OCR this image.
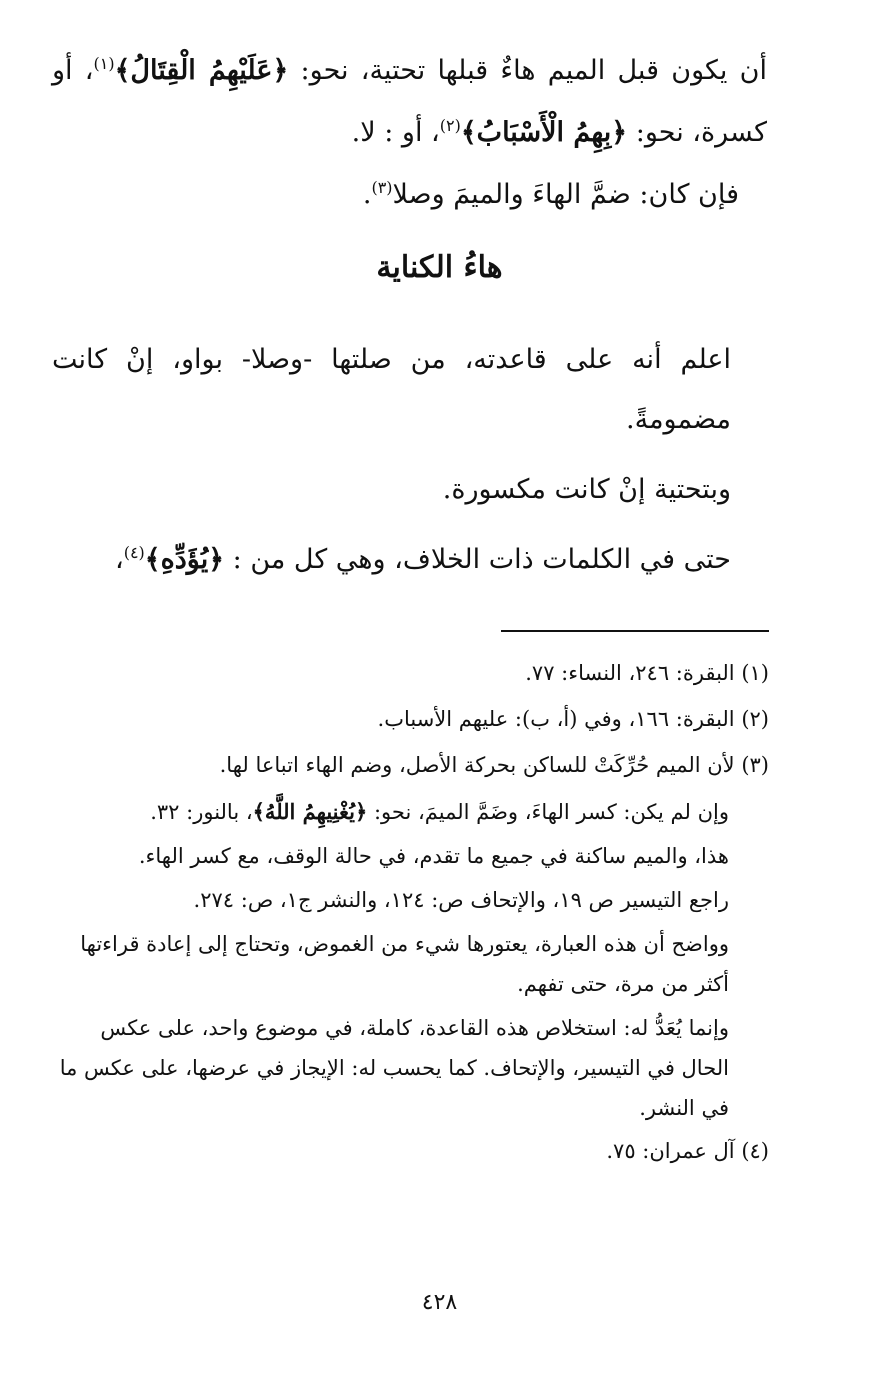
أن يكون قبل الميم هاءٌ قبلها تحتية، نحو: ﴿عَلَيْهِمُ الْقِتَالُ﴾$^{(١)}$، أو كسرة، نحو: ﴿بِهِمُ الْأَسْبَابُ﴾$^{(٢)}$، أو : لا.

فإن كان: ضمَّ الهاءَ والميمَ وصلا$^{(٣)}$.

هاءُ الكناية

اعلم أنه على قاعدته، من صلتها -وصلا- بواو، إنْ كانت مضمومةً.

وبتحتية إنْ كانت مكسورة.

حتى في الكلمات ذات الخلاف، وهي كل من : ﴿يُؤَدِّهِ﴾$^{(٤)}$،

(١) البقرة: ٢٤٦، النساء: ٧٧.

(٢) البقرة: ١٦٦، وفي (أ، ب): عليهم الأسباب.

(٣) لأن الميم حُرِّكَتْ للساكن بحركة الأصل، وضم الهاء اتباعا لها.

وإن لم يكن: كسر الهاءَ، وضَمَّ الميمَ، نحو: ﴿يُغْنِيهِمُ اللَّهُ﴾، بالنور: ٣٢.

هذا، والميم ساكنة في جميع ما تقدم، في حالة الوقف، مع كسر الهاء.

راجع التيسير ص ١٩، والإتحاف ص: ١٢٤، والنشر ج١، ص: ٢٧٤.

وواضح أن هذه العبارة، يعتورها شيء من الغموض، وتحتاج إلى إعادة قراءتها أكثر من مرة، حتى تفهم.

وإنما يُعَدُّ له: استخلاص هذه القاعدة، كاملة، في موضوع واحد، على عكس الحال في التيسير، والإتحاف. كما يحسب له: الإيجاز في عرضها، على عكس ما في النشر.

(٤) آل عمران: ٧٥.

٤٢٨
